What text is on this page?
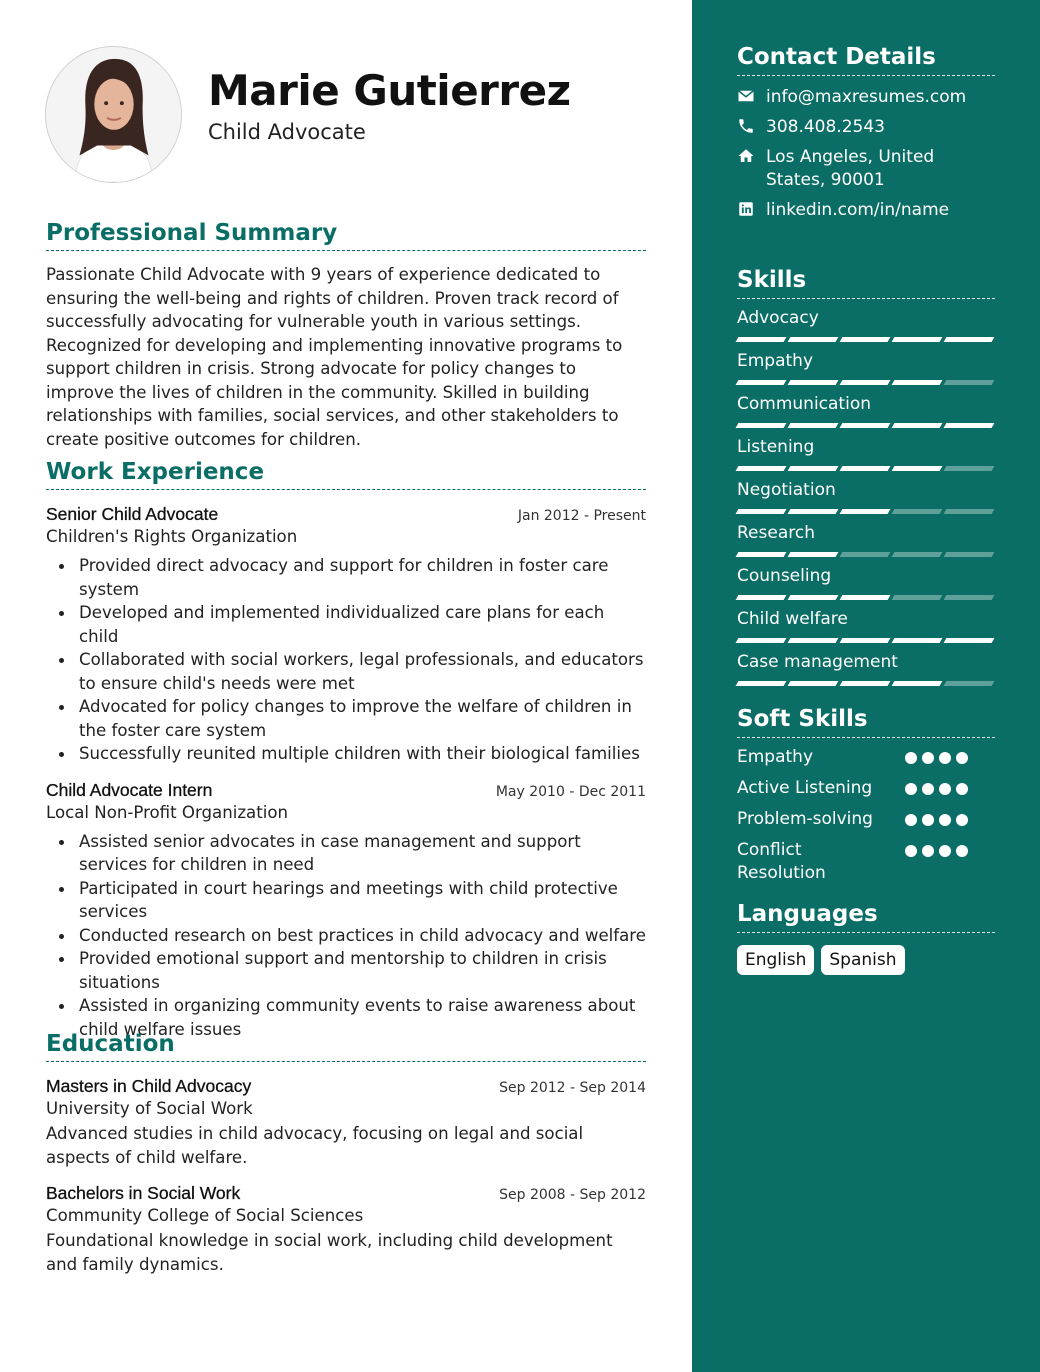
Marie Gutierrez
Child Advocate
Professional Summary

Passionate Child Advocate with 9 years of experience dedicated to ensuring the well-being and rights of children. Proven track record of successfully advocating for vulnerable youth in various settings. Recognized for developing and implementing innovative programs to support children in crisis. Strong advocate for policy changes to improve the lives of children in the community. Skilled in building relationships with families, social services, and other stakeholders to create positive outcomes for children.

Work Experience
Senior Child Advocate	Jan 2012 - Present
Children's Rights Organization
Provided direct advocacy and support for children in foster care system
Developed and implemented individualized care plans for each child
Collaborated with social workers, legal professionals, and educators to ensure child's needs were met
Advocated for policy changes to improve the welfare of children in the foster care system
Successfully reunited multiple children with their biological families
Child Advocate Intern	May 2010 - Dec 2011
Local Non-Profit Organization
Assisted senior advocates in case management and support services for children in need
Participated in court hearings and meetings with child protective services
Conducted research on best practices in child advocacy and welfare
Provided emotional support and mentorship to children in crisis situations
Assisted in organizing community events to raise awareness about child welfare issues
Education
Masters in Child Advocacy	Sep 2012 - Sep 2014
University of Social Work

Advanced studies in child advocacy, focusing on legal and social aspects of child welfare.

Bachelors in Social Work	Sep 2008 - Sep 2012
Community College of Social Sciences

Foundational knowledge in social work, including child development and family dynamics.

Contact Details
info@maxresumes.com
308.408.2543
Los Angeles, United States, 90001
linkedin.com/in/name
Skills
Advocacy
Empathy
Communication
Listening
Negotiation
Research
Counseling
Child welfare
Case management
Soft Skills
Empathy
Active Listening
Problem-solving
Conflict Resolution
Languages
English	Spanish
